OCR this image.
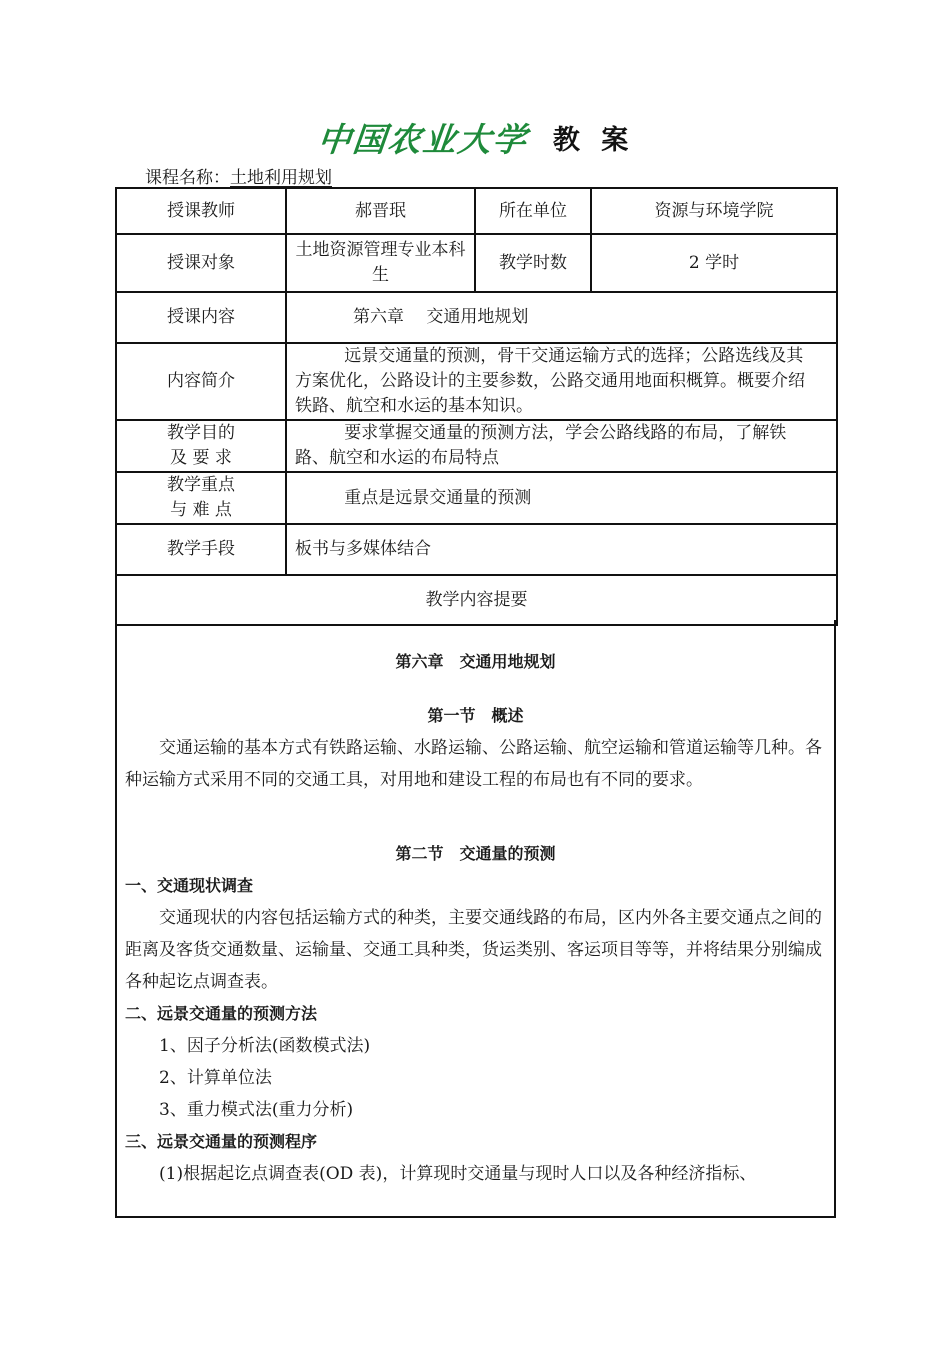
中国农业大学 教 案
课程名称：土地利用规划
授课教师	郝晋珉	所在单位	资源与环境学院
授课对象	土地资源管理专业本科生	教学时数	2 学时
授课内容	第六章　 交通用地规划		
内容简介	远景交通量的预测，骨干交通运输方式的选择；公路选线及其方案优化，公路设计的主要参数，公路交通用地面积概算。概要介绍铁路、航空和水运的基本知识。		

教学目的
及 要 求	要求掌握交通量的预测方法，学会公路线路的布局，了解铁路、航空和水运的布局特点		

教学重点
与 难 点	重点是远景交通量的预测		
教学手段	板书与多媒体结合		
教学内容提要			
第六章　交通用地规划
第一节　概述

交通运输的基本方式有铁路运输、水路运输、公路运输、航空运输和管道运输等几种。各种运输方式采用不同的交通工具，对用地和建设工程的布局也有不同的要求。

第二节　交通量的预测
一、交通现状调查

交通现状的内容包括运输方式的种类，主要交通线路的布局，区内外各主要交通点之间的距离及客货交通数量、运输量、交通工具种类，货运类别、客运项目等等，并将结果分别编成各种起讫点调查表。

二、远景交通量的预测方法
1、因子分析法(函数模式法)
2、计算单位法
3、重力模式法(重力分析)
三、远景交通量的预测程序

(1)根据起讫点调查表(OD 表)，计算现时交通量与现时人口以及各种经济指标、
